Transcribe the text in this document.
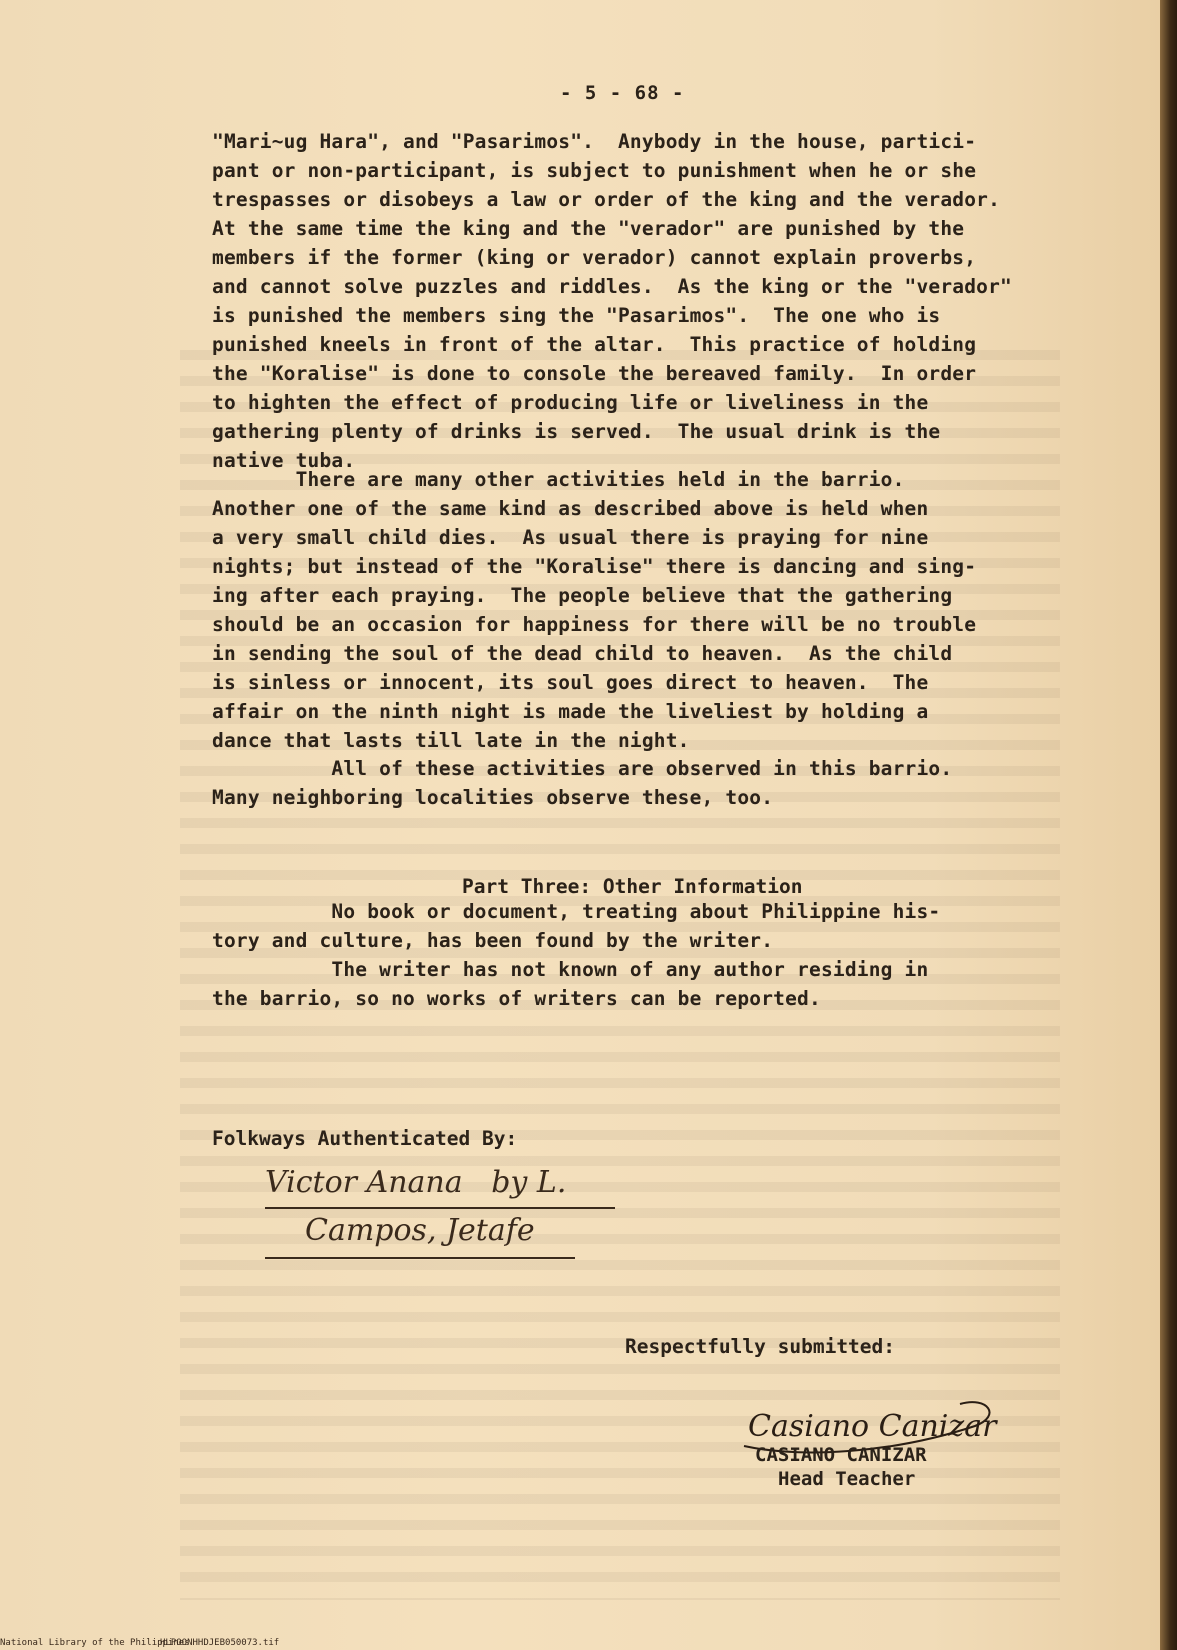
- 5 - 68 -
"Mari~ug Hara", and "Pasarimos".  Anybody in the house, partici-
pant or non-participant, is subject to punishment when he or she
trespasses or disobeys a law or order of the king and the verador.
At the same time the king and the "verador" are punished by the
members if the former (king or verador) cannot explain proverbs,
and cannot solve puzzles and riddles.  As the king or the "verador"
is punished the members sing the "Pasarimos".  The one who is
punished kneels in front of the altar.  This practice of holding
the "Koralise" is done to console the bereaved family.  In order
to highten the effect of producing life or liveliness in the
gathering plenty of drinks is served.  The usual drink is the
native tuba.
There are many other activities held in the barrio.
Another one of the same kind as described above is held when
a very small child dies.  As usual there is praying for nine
nights; but instead of the "Koralise" there is dancing and sing-
ing after each praying.  The people believe that the gathering
should be an occasion for happiness for there will be no trouble
in sending the soul of the dead child to heaven.  As the child
is sinless or innocent, its soul goes direct to heaven.  The
affair on the ninth night is made the liveliest by holding a
dance that lasts till late in the night.
All of these activities are observed in this barrio.
Many neighboring localities observe these, too.
Part Three: Other Information
No book or document, treating about Philippine his-
tory and culture, has been found by the writer.
The writer has not known of any author residing in
the barrio, so no works of writers can be reported.
Folkways Authenticated By:
Victor Anana   by L.
Campos, Jetafe
Respectfully submitted:
Casiano Canizar
CASIANO CANIZAR
Head Teacher
National Library of the Philippines
HLPOONHHDJEB050073.tif
